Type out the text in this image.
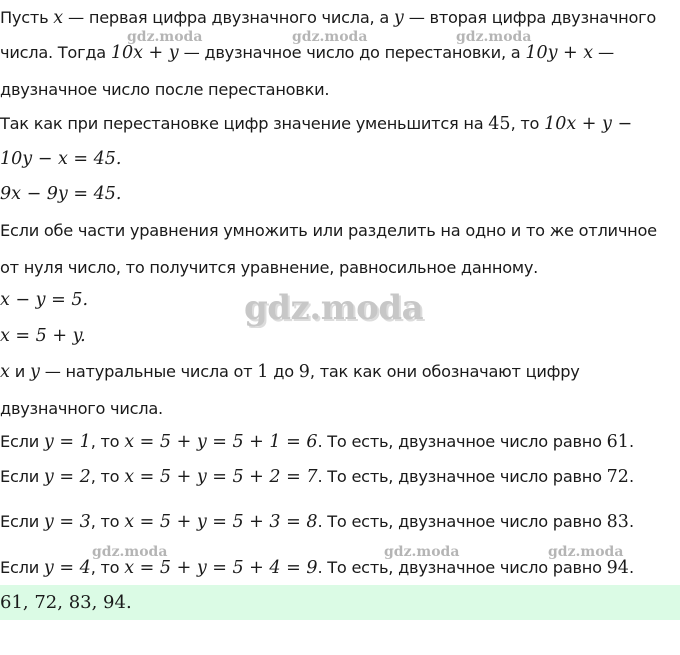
Пусть x — первая цифра двузначного числа, а y — вторая цифра двузначного
числа. Тогда 10x + y — двузначное число до перестановки, а 10y + x —
двузначное число после перестановки.
Так как при перестановке цифр значение уменьшится на 45, то 10x + y −
10y − x = 45.
9x − 9y = 45.
Если обе части уравнения умножить или разделить на одно и то же отличное
от нуля число, то получится уравнение, равносильное данному.
x − y = 5.
x = 5 + y.
x и y — натуральные числа от 1 до 9, так как они обозначают цифру
двузначного числа.
Если y = 1, то x = 5 + y = 5 + 1 = 6. То есть, двузначное число равно 61.
Если y = 2, то x = 5 + y = 5 + 2 = 7. То есть, двузначное число равно 72.
Если y = 3, то x = 5 + y = 5 + 3 = 8. То есть, двузначное число равно 83.
Если y = 4, то x = 5 + y = 5 + 4 = 9. То есть, двузначное число равно 94.
61, 72, 83, 94.
gdz.moda	gdz.moda	gdz.moda
gdz.moda
gdz.moda	gdz.moda	gdz.moda
